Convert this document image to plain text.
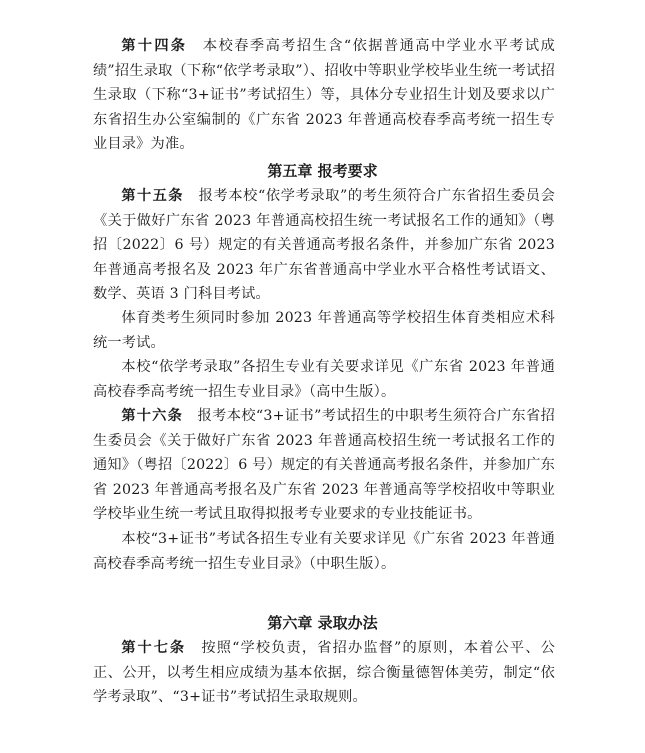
第十四条　 本校春季高考招生含“依据普通高中学业水平考试成绩”招生录取（下称“依学考录取”）、招收中等职业学校毕业生统一考试招生录取（下称“3+证书”考试招生）等，具体分专业招生计划及要求以广东省招生办公室编制的《广东省 2023 年普通高校春季高考统一招生专业目录》为准。

第五章 报考要求

第十五条　 报考本校“依学考录取”的考生须符合广东省招生委员会《关于做好广东省 2023 年普通高校招生统一考试报名工作的通知》（粤招〔2022〕6 号）规定的有关普通高考报名条件，并参加广东省 2023 年普通高考报名及 2023 年广东省普通高中学业水平合格性考试语文、数学、英语 3 门科目考试。

体育类考生须同时参加 2023 年普通高等学校招生体育类相应术科统一考试。

本校“依学考录取”各招生专业有关要求详见《广东省 2023 年普通高校春季高考统一招生专业目录》（高中生版）。

第十六条　 报考本校“3+证书”考试招生的中职考生须符合广东省招生委员会《关于做好广东省 2023 年普通高校招生统一考试报名工作的通知》（粤招〔2022〕6 号）规定的有关普通高考报名条件，并参加广东省 2023 年普通高考报名及广东省 2023 年普通高等学校招收中等职业学校毕业生统一考试且取得拟报考专业要求的专业技能证书。

本校“3+证书”考试各招生专业有关要求详见《广东省 2023 年普通高校春季高考统一招生专业目录》（中职生版）。

第六章 录取办法

第十七条　 按照“学校负责，省招办监督”的原则，本着公平、公正、公开，以考生相应成绩为基本依据，综合衡量德智体美劳，制定“依学考录取”、“3+证书”考试招生录取规则。
